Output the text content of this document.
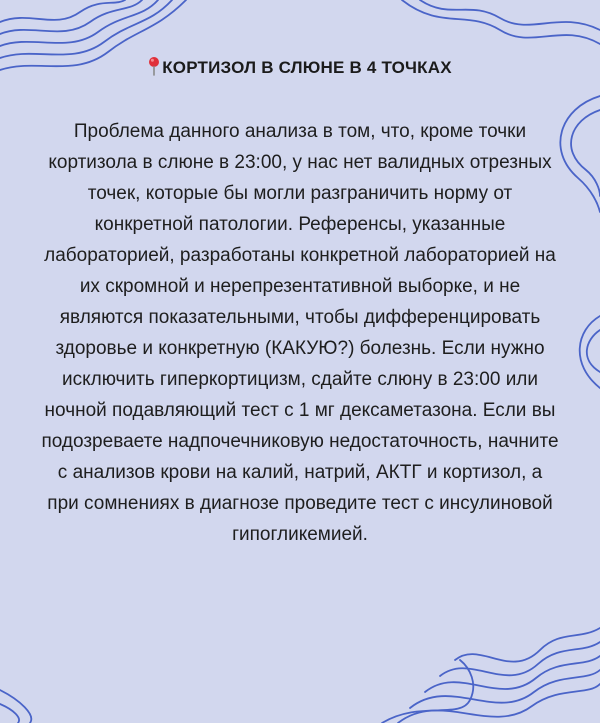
КОРТИЗОЛ В СЛЮНЕ В 4 ТОЧКАХ
Проблема данного анализа в том, что, кроме точки кортизола в слюне в 23:00, у нас нет валидных отрезных точек, которые бы могли разграничить норму от конкретной патологии. Референсы, указанные лабораторией, разработаны конкретной лабораторией на их скромной и нерепрезентативной выборке, и не являются показательными, чтобы дифференцировать здоровье и конкретную (КАКУЮ?) болезнь. Если нужно исключить гиперкортицизм, сдайте слюну в 23:00 или ночной подавляющий тест с 1 мг дексаметазона. Если вы подозреваете надпочечниковую недостаточность, начните с анализов крови на калий, натрий, АКТГ и кортизол, а при сомнениях в диагнозе проведите тест с инсулиновой гипогликемией.
